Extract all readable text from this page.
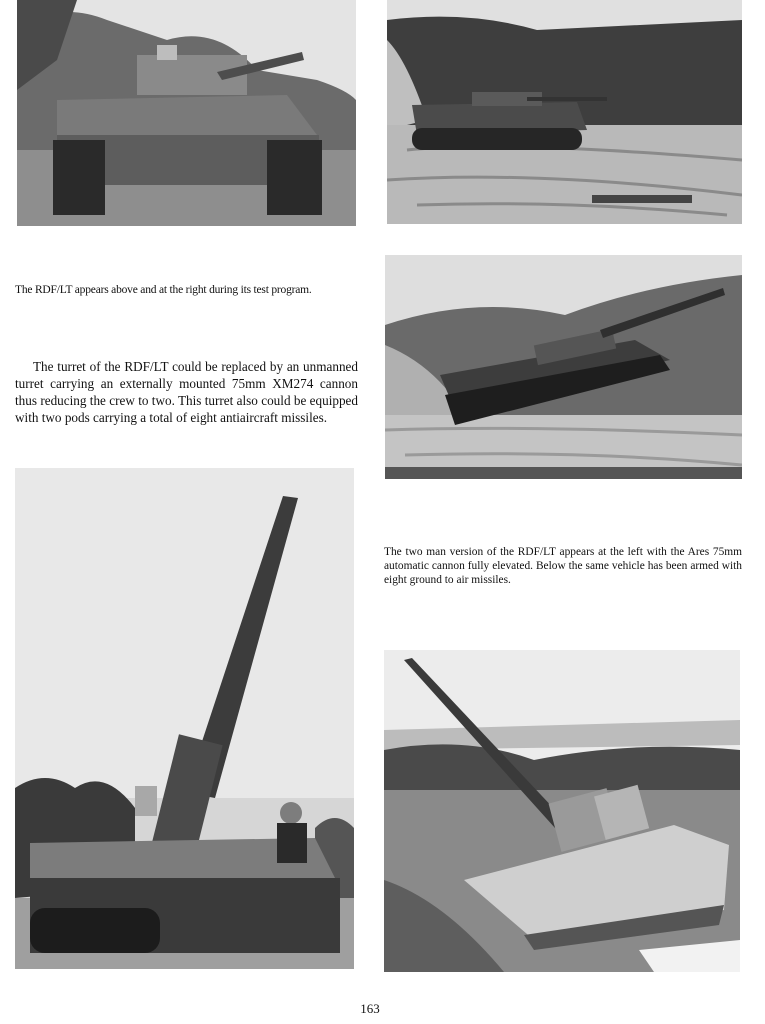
The RDF/LT appears above and at the right during its test program.

The turret of the RDF/LT could be replaced by an unmanned turret carrying an externally mounted 75mm XM274 cannon thus reducing the crew to two. This turret also could be equipped with two pods carrying a total of eight antiaircraft missiles.

The two man version of the RDF/LT appears at the left with the Ares 75mm automatic cannon fully elevated. Below the same vehicle has been armed with eight ground to air missiles.

163
